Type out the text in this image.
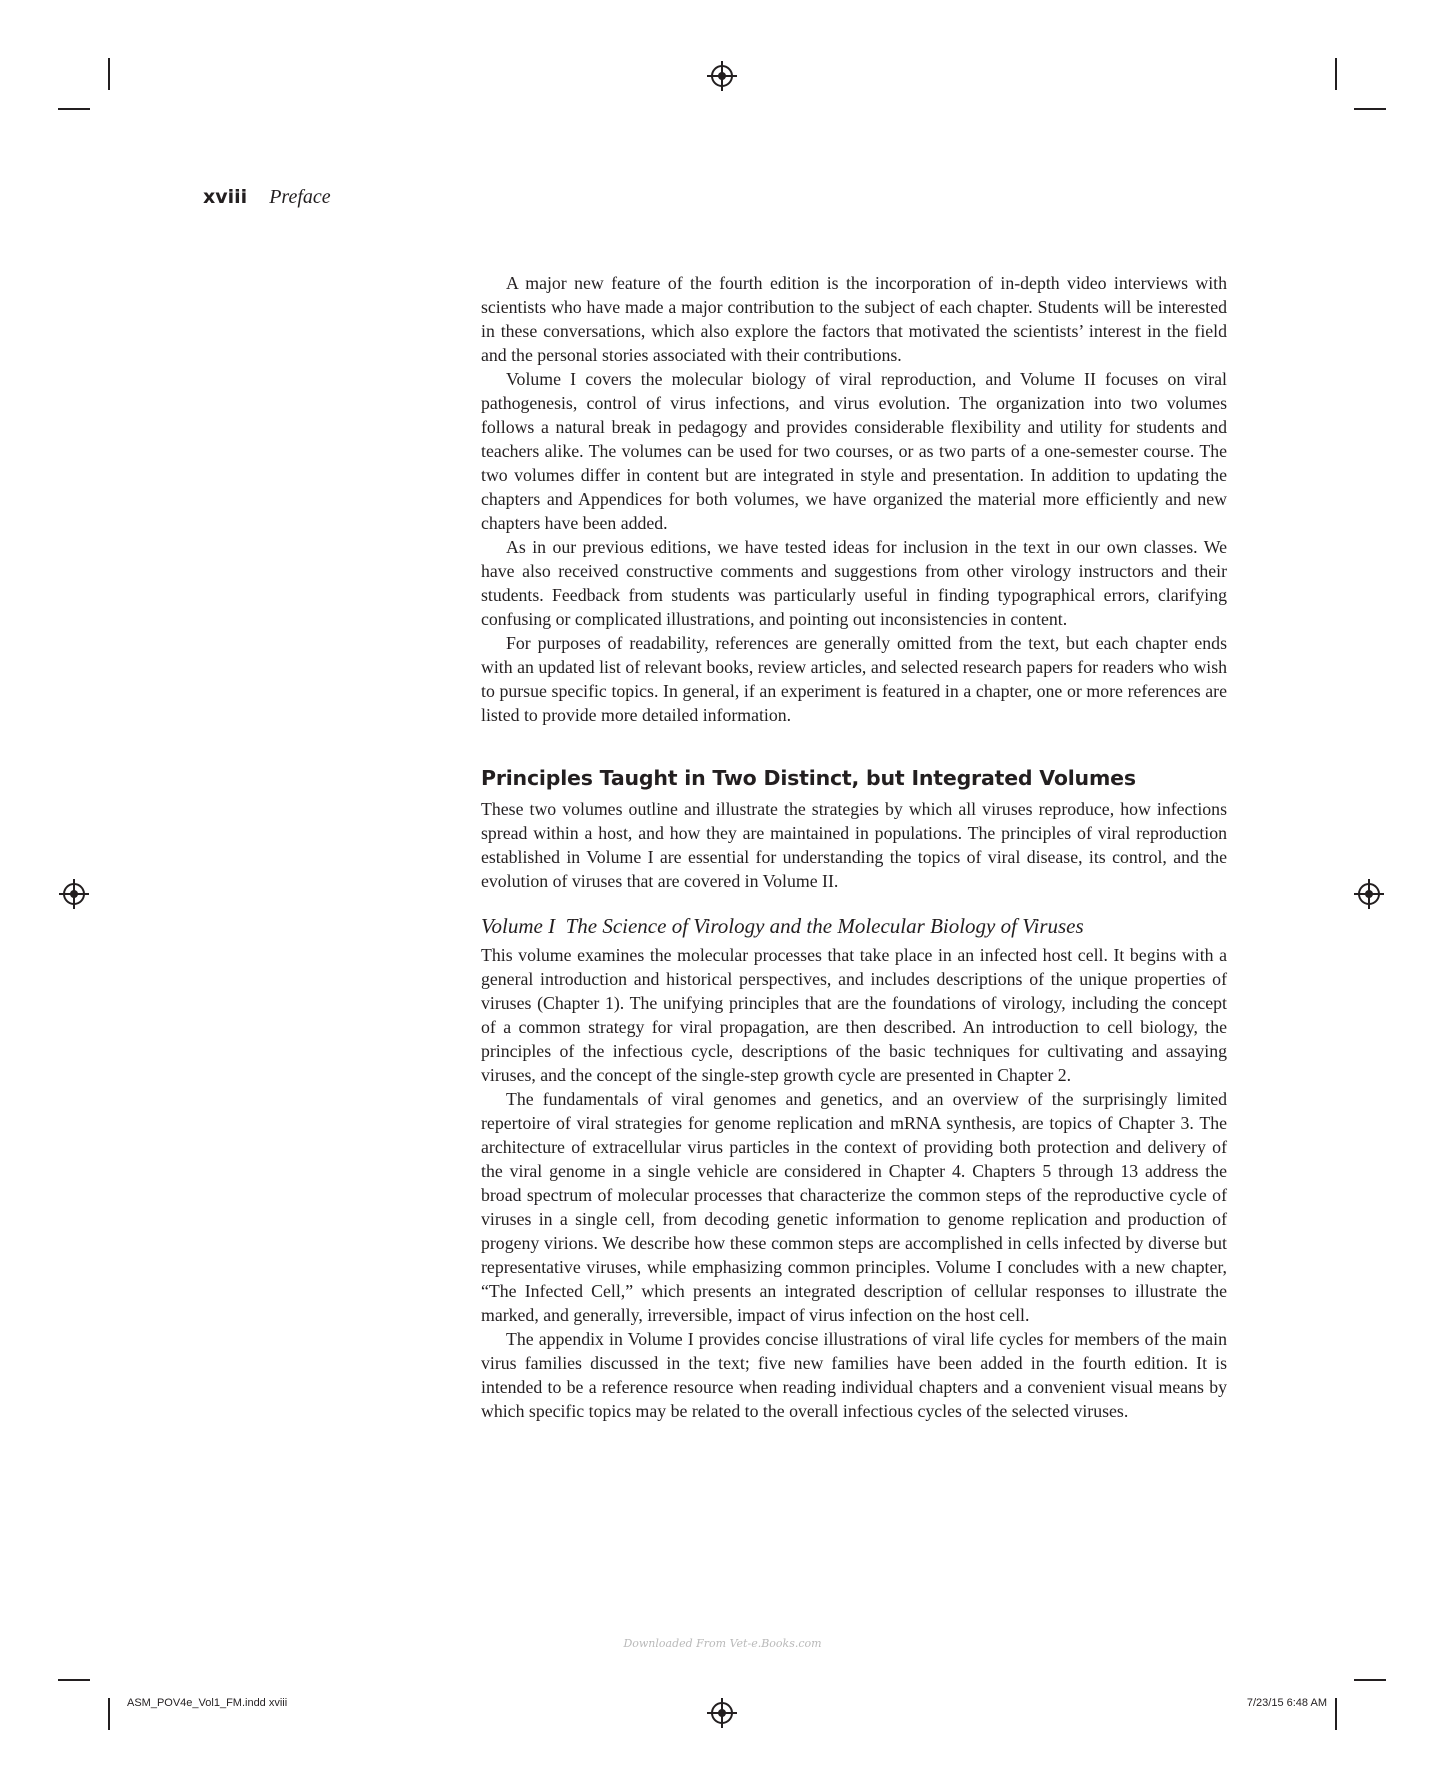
xviii Preface

A major new feature of the fourth edition is the incorporation of in-depth video interviews with scientists who have made a major contribution to the subject of each chapter. Students will be interested in these conversations, which also explore the factors that motivated the scientists’ interest in the field and the personal stories associated with their contributions.

Volume I covers the molecular biology of viral reproduction, and Volume II focuses on viral pathogenesis, control of virus infections, and virus evolution. The organization into two volumes follows a natural break in pedagogy and provides considerable flexibility and utility for students and teachers alike. The volumes can be used for two courses, or as two parts of a one-semester course. The two volumes differ in content but are integrated in style and presentation. In addition to updating the chapters and Appendices for both volumes, we have organized the material more efficiently and new chapters have been added.

As in our previous editions, we have tested ideas for inclusion in the text in our own classes. We have also received constructive comments and suggestions from other virology instructors and their students. Feedback from students was particularly useful in finding typographical errors, clarifying confusing or complicated illustrations, and pointing out inconsistencies in content.

For purposes of readability, references are generally omitted from the text, but each chapter ends with an updated list of relevant books, review articles, and selected research papers for readers who wish to pursue specific topics. In general, if an experiment is featured in a chapter, one or more references are listed to provide more detailed information.

Principles Taught in Two Distinct, but Integrated Volumes

These two volumes outline and illustrate the strategies by which all viruses reproduce, how infections spread within a host, and how they are maintained in populations. The principles of viral reproduction established in Volume I are essential for understanding the topics of viral disease, its control, and the evolution of viruses that are covered in Volume II.

Volume I The Science of Virology and the Molecular Biology of Viruses

This volume examines the molecular processes that take place in an infected host cell. It begins with a general introduction and historical perspectives, and includes descriptions of the unique properties of viruses (Chapter 1). The unifying principles that are the foundations of virology, including the concept of a common strategy for viral propagation, are then described. An introduction to cell biology, the principles of the infectious cycle, descriptions of the basic techniques for cultivating and assaying viruses, and the concept of the single-step growth cycle are presented in Chapter 2.

The fundamentals of viral genomes and genetics, and an overview of the surprisingly limited repertoire of viral strategies for genome replication and mRNA synthesis, are topics of Chapter 3. The architecture of extracellular virus particles in the context of providing both protection and delivery of the viral genome in a single vehicle are considered in Chapter 4. Chapters 5 through 13 address the broad spectrum of molecular processes that characterize the common steps of the reproductive cycle of viruses in a single cell, from decoding genetic information to genome replication and production of progeny virions. We describe how these common steps are accomplished in cells infected by diverse but representative viruses, while emphasizing common principles. Volume I concludes with a new chapter, “The Infected Cell,” which presents an integrated description of cellular responses to illustrate the marked, and generally, irreversible, impact of virus infection on the host cell.

The appendix in Volume I provides concise illustrations of viral life cycles for members of the main virus families discussed in the text; five new families have been added in the fourth edition. It is intended to be a reference resource when reading individual chapters and a convenient visual means by which specific topics may be related to the overall infectious cycles of the selected viruses.

Downloaded From Vet-e.Books.com
ASM_POV4e_Vol1_FM.indd xviii	7/23/15 6:48 AM
